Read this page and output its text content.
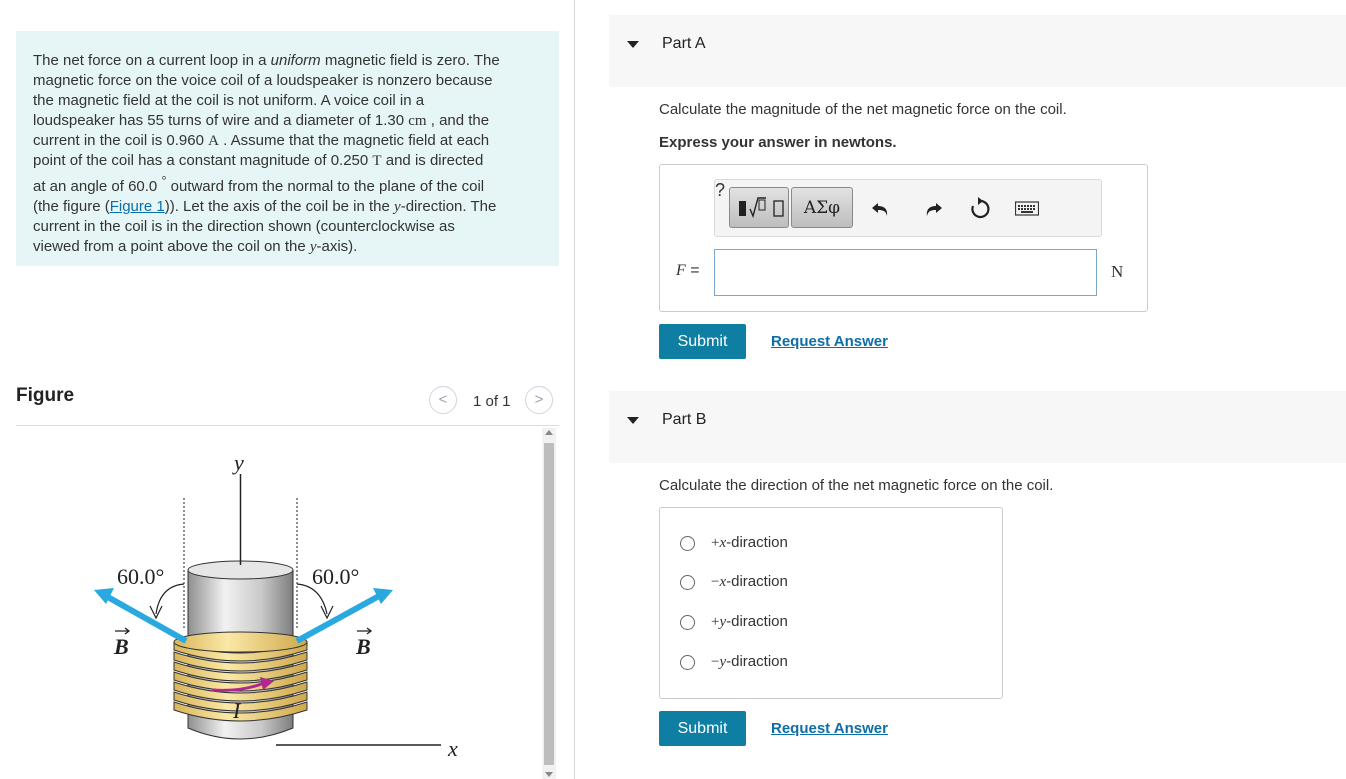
The net force on a current loop in a uniform magnetic field is zero. The
magnetic force on the voice coil of a loudspeaker is nonzero because
the magnetic field at the coil is not uniform. A voice coil in a
loudspeaker has 55 turns of wire and a diameter of 1.30 cm , and the
current in the coil is 0.960 A . Assume that the magnetic field at each
point of the coil has a constant magnitude of 0.250 T and is directed
at an angle of 60.0 ° outward from the normal to the plane of the coil
(the figure (Figure 1)). Let the axis of the coil be in the y-direction. The
current in the coil is in the direction shown (counterclockwise as
viewed from a point above the coil on the y-axis).
Figure	<	1 of 1	>
y
x
I
60.0°	60.0°
B	B
Part A
Calculate the magnitude of the net magnetic force on the coil.
Express your answer in newtons.
ΑΣφ
?
F =	N
Submit	Request Answer
Part B
Calculate the direction of the net magnetic force on the coil.
+x-diraction
−x-diraction
+y-diraction
−y-diraction
Submit	Request Answer
